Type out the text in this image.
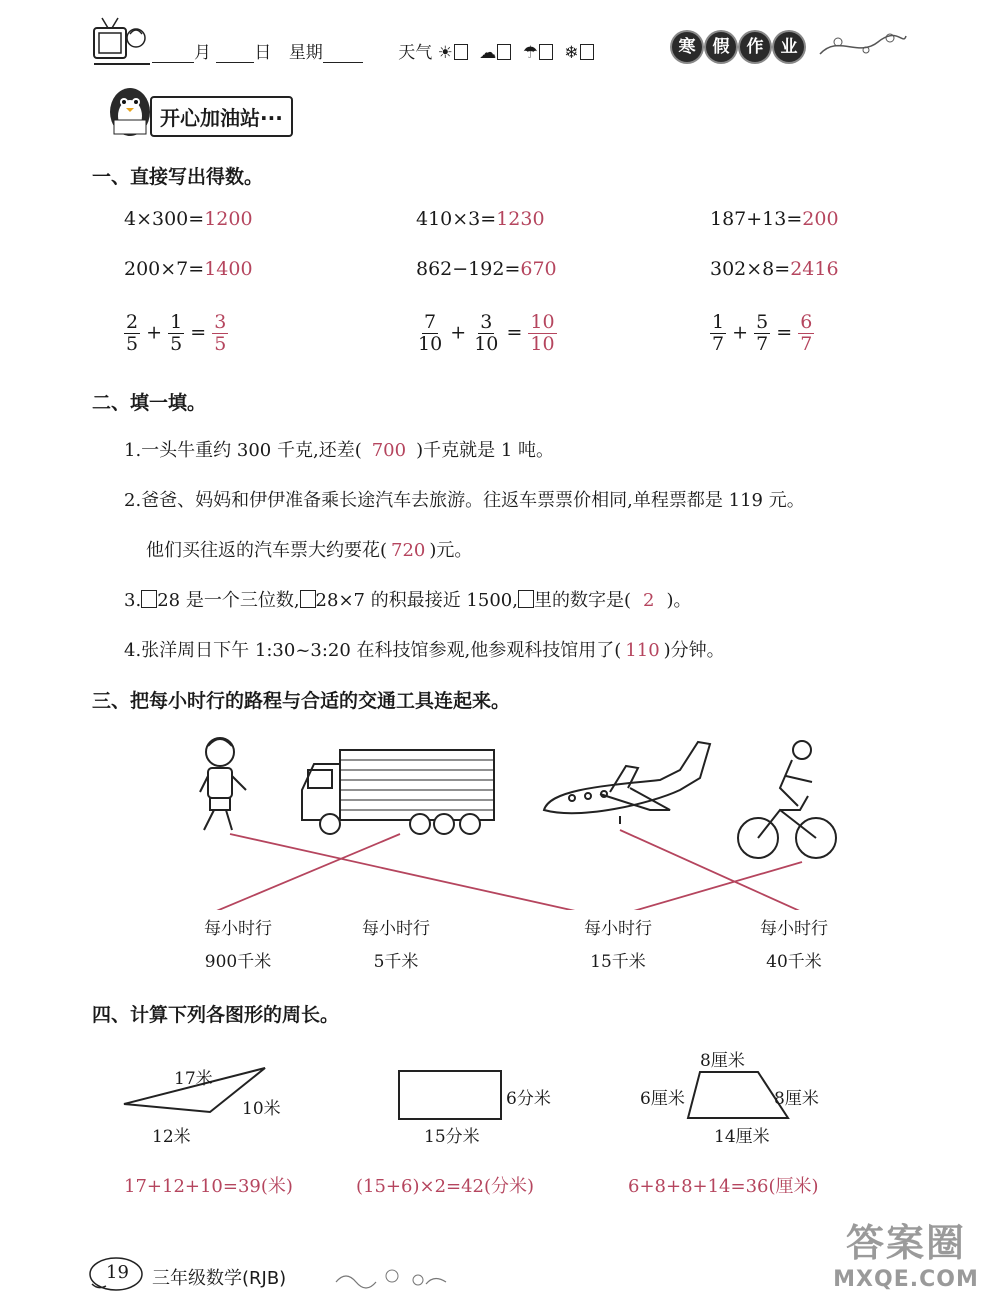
月	日 星期	天气 ☀ ☁ ☂ ❄	寒 假 作 业
开心加油站···
一、直接写出得数。
4×300=1200	410×3=1230	187+13=200
200×7=1400	862−192=670	302×8=2416
$\frac{2}{5} + \frac{1}{5} = \frac{3}{5}$	$\frac{7}{10} + \frac{3}{10} = \frac{10}{10}$	$\frac{1}{7} + \frac{5}{7} = \frac{6}{7}$
二、填一填。
1.一头牛重约 300 千克,还差( 700 )千克就是 1 吨。
2.爸爸、妈妈和伊伊准备乘长途汽车去旅游。往返车票票价相同,单程票都是 119 元。
他们买往返的汽车票大约要花( 720 )元。
3. 28 是一个三位数, 28×7 的积最接近 1500, 里的数字是( 2 )。
4.张洋周日下午 1:30~3:20 在科技馆参观,他参观科技馆用了( 110 )分钟。
三、把每小时行的路程与合适的交通工具连起来。
每小时行
900千米
每小时行
5千米
每小时行
15千米
每小时行
40千米
四、计算下列各图形的周长。
17米
10米
12米
6分米
15分米
8厘米
6厘米	8厘米
14厘米
17+12+10=39(米)	(15+6)×2=42(分米)	6+8+8+14=36(厘米)
19 三年级数学(RJB)
答案圈
MXQE.COM
